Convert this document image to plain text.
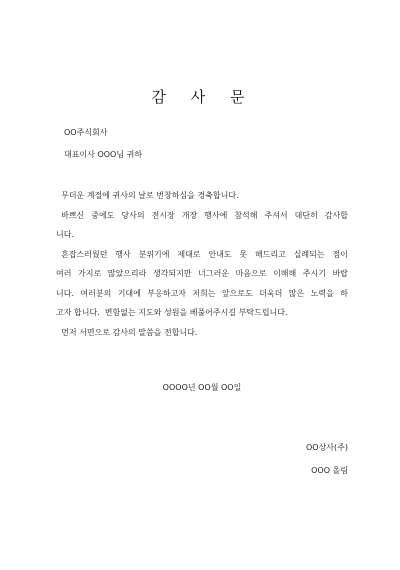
감 사 문
OO주식회사
대표이사 OOO님 귀하
무더운 계절에 귀사의 날로 번창하심을 경축합니다.
바쁘신 중에도 당사의 전시장 개장 행사에 참석해 주셔서 대단히 감사합
니다.
혼잡스러웠던 행사 분위기에 제대로 안내도 못 해드리고 실례되는 점이
여러 가지로 많았으리라 생각되지만 너그러운 마음으로 이해해 주시기 바랍
니다. 여러분의 기대에 부응하고자 저희는 앞으로도 더욱더 많은 노력을 하
고자 합니다.  변함없는 지도와 성원을 베풀어주시길 부탁드립니다.
먼저 서면으로 감사의 말씀을 전합니다.
OOOO년 OO월 OO일
OO상사(주)
OOO 올림
